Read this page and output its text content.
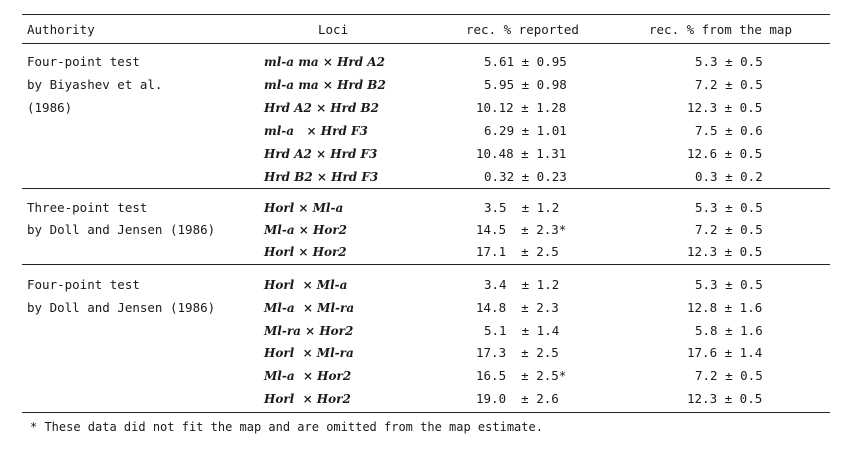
Authority	Loci	rec. % reported	rec. % from the map
Four-point test
by Biyashev et al.
(1986)
ml-a ma × Hrd A2	5.61 ± 0.95	5.3 ± 0.5
ml-a ma × Hrd B2	5.95 ± 0.98	7.2 ± 0.5
Hrd A2 × Hrd B2	10.12 ± 1.28	12.3 ± 0.5
ml-a   × Hrd F3	6.29 ± 1.01	7.5 ± 0.6
Hrd A2 × Hrd F3	10.48 ± 1.31	12.6 ± 0.5
Hrd B2 × Hrd F3	0.32 ± 0.23	0.3 ± 0.2
Three-point test
by Doll and Jensen (1986)
Horl × Ml-a	3.5  ± 1.2	5.3 ± 0.5
Ml-a × Hor2	14.5  ± 2.3*	7.2 ± 0.5
Horl × Hor2	17.1  ± 2.5	12.3 ± 0.5
Four-point test
by Doll and Jensen (1986)
Horl  × Ml-a	3.4  ± 1.2	5.3 ± 0.5
Ml-a  × Ml-ra	14.8  ± 2.3	12.8 ± 1.6
Ml-ra × Hor2	5.1  ± 1.4	5.8 ± 1.6
Horl  × Ml-ra	17.3  ± 2.5	17.6 ± 1.4
Ml-a  × Hor2	16.5  ± 2.5*	7.2 ± 0.5
Horl  × Hor2	19.0  ± 2.6	12.3 ± 0.5
* These data did not fit the map and are omitted from the map estimate.
